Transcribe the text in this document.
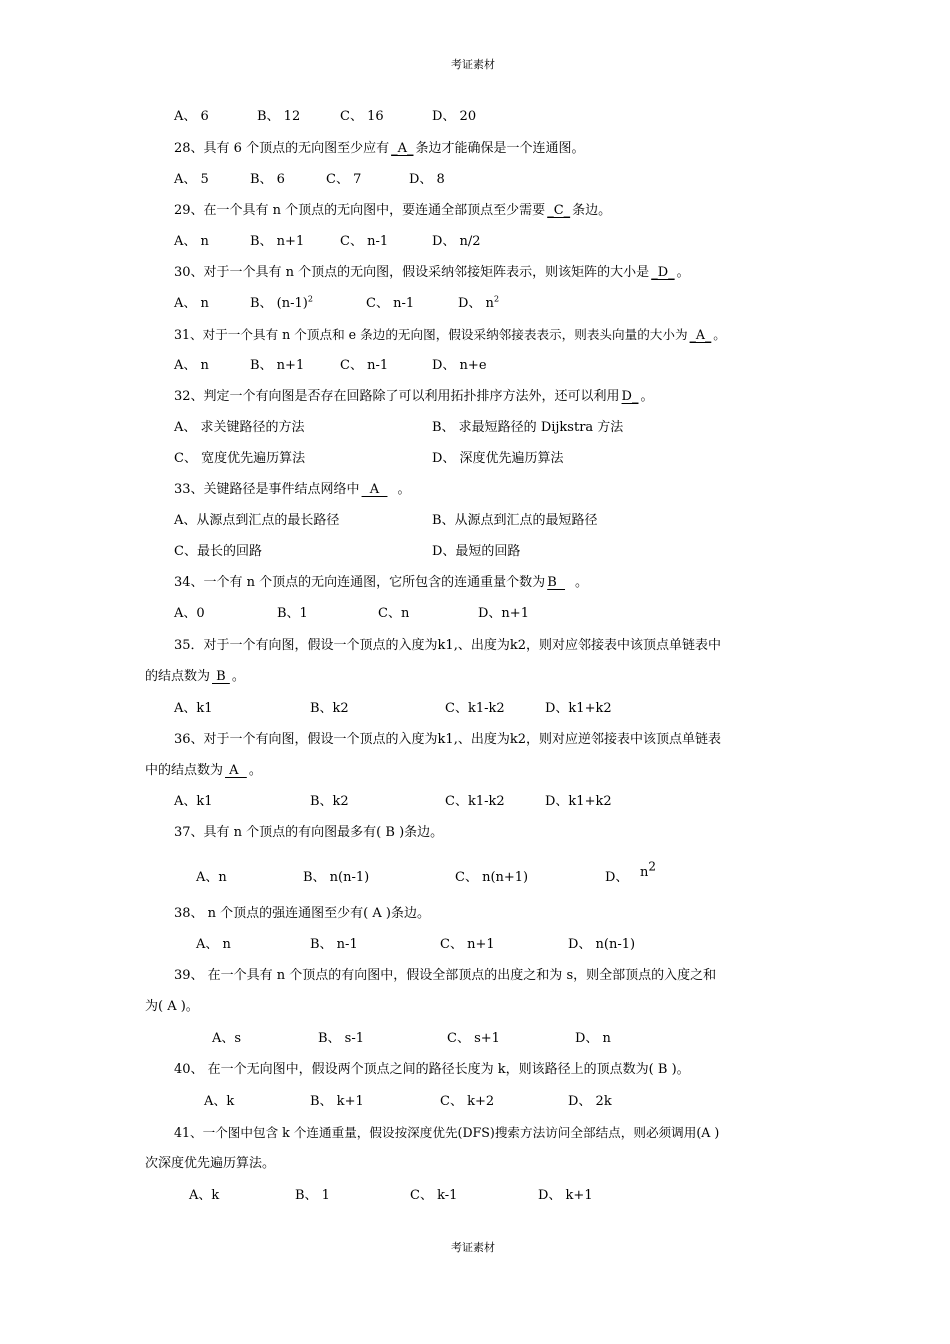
考证素材
A、 6	B、 12	C、 16	D、 20
28、具有 6 个顶点的无向图至少应有 _A_ 条边才能确保是一个连通图。
A、 5	B、 6	C、 7	D、 8
29、在一个具有 n 个顶点的无向图中，要连通全部顶点至少需要 _C_ 条边。
A、 n	B、 n+1	C、 n-1	D、 n/2
30、对于一个具有 n 个顶点的无向图，假设采纳邻接矩阵表示，则该矩阵的大小是 _D_ 。
A、 n	B、 $(n-1)^2$	C、 n-1	D、 $n^2$
31、对于一个具有 n 个顶点和 e 条边的无向图，假设采纳邻接表表示，则表头向量的大小为 _A_ 。
A、 n	B、 n+1	C、 n-1	D、 n+e
32、判定一个有向图是否存在回路除了可以利用拓扑排序方法外，还可以利用 D_ 。
A、 求关键路径的方法	B、 求最短路径的 Dijkstra 方法
C、 宽度优先遍历算法	D、 深度优先遍历算法
33、关键路径是事件结点网络中  A  。
A、从源点到汇点的最长路径	B、从源点到汇点的最短路径
C、最长的回路	D、最短的回路
34、一个有 n 个顶点的无向连通图，它所包含的连通重量个数为 B  。
A、0	B、1	C、n	D、n+1
35．对于一个有向图，假设一个顶点的入度为k1,、出度为k2，则对应邻接表中该顶点单链表中
的结点数为 B 。
A、k1	B、k2	C、k1-k2	D、k1+k2
36、对于一个有向图，假设一个顶点的入度为k1,、出度为k2，则对应逆邻接表中该顶点单链表
中的结点数为 A  。
A、k1	B、k2	C、k1-k2	D、k1+k2
37、具有 n 个顶点的有向图最多有( B )条边。
A、n	B、 n(n-1)	C、 n(n+1)	D、 $n^2$
38、 n 个顶点的强连通图至少有( A )条边。
A、 n	B、 n-1	C、 n+1	D、 n(n-1)
39、 在一个具有 n 个顶点的有向图中，假设全部顶点的出度之和为 s，则全部顶点的入度之和
为( A )。
A、s	B、 s-1	C、 s+1	D、 n
40、 在一个无向图中，假设两个顶点之间的路径长度为 k，则该路径上的顶点数为( B )。
A、k	B、 k+1	C、 k+2	D、 2k
41、一个图中包含 k 个连通重量，假设按深度优先(DFS)搜索方法访问全部结点，则必须调用(A )
次深度优先遍历算法。
A、k	B、 1	C、 k-1	D、 k+1
考证素材
